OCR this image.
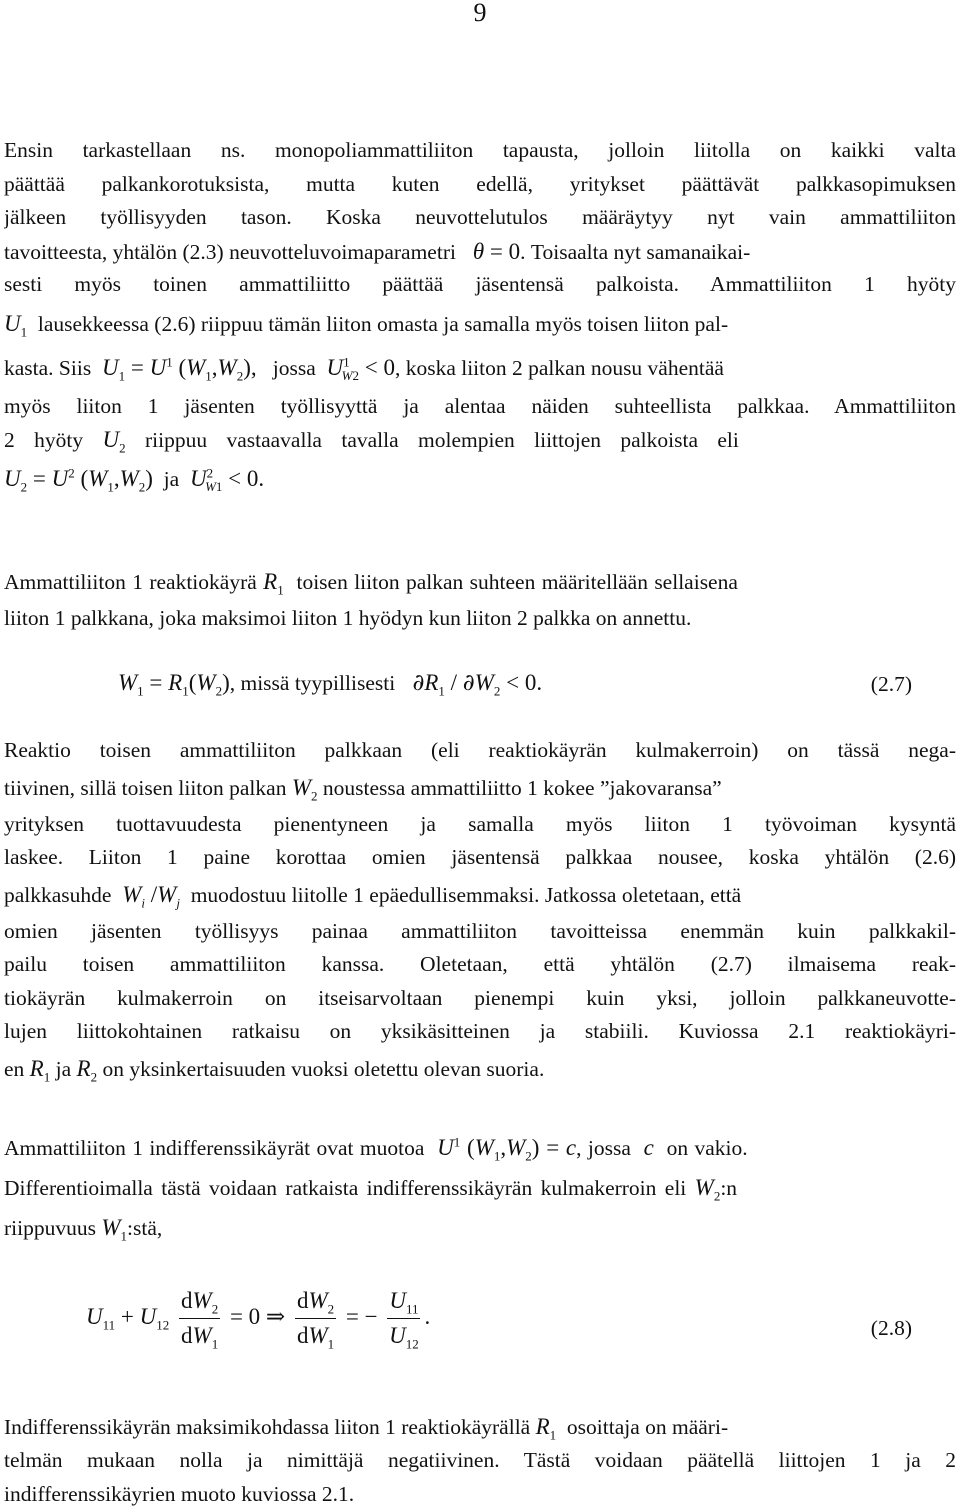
9
Ensin tarkastellaan ns. monopoliammattiliiton tapausta, jolloin liitolla on kaikki valta
päättää palkankorotuksista, mutta kuten edellä, yritykset päättävät palkkasopimuksen
jälkeen työllisyyden tason. Koska neuvottelutulos määräytyy nyt vain ammattiliiton
tavoitteesta, yhtälön (2.3) neuvotteluvoimaparametri   θ = 0. Toisaalta nyt samanaikai-
sesti myös toinen ammattiliitto päättää jäsentensä palkoista. Ammattiliiton 1 hyöty
$U_1$ lausekkeessa (2.6) riippuu tämän liiton omasta ja samalla myös toisen liiton pal-
kasta. Siis $U_1 = U^1$ $(W_1,W_2)$, jossa $U^1_{W2} < 0$, koska liiton 2 palkan nousu vähentää
myös liiton 1 jäsenten työllisyyttä ja alentaa näiden suhteellista palkkaa. Ammattiliiton
2 hyöty $U_2$ riippuu vastaavalla tavalla molempien liittojen palkoista eli
$U_2 = U^2$ $(W_1,W_2)$ ja $U^2_{W1} < 0$.
Ammattiliiton 1 reaktiokäyrä $R_1$ toisen liiton palkan suhteen määritellään sellaisena
liiton 1 palkkana, joka maksimoi liiton 1 hyödyn kun liiton 2 palkka on annettu.
$W_1 = R_1(W_2)$, missä tyypillisesti $\partial R_1 / \partial W_2 < 0$.	(2.7)
Reaktio toisen ammattiliiton palkkaan (eli reaktiokäyrän kulmakerroin) on tässä nega-
tiivinen, sillä toisen liiton palkan $W_2$ noustessa ammattiliitto 1 kokee ”jakovaransa”
yrityksen tuottavuudesta pienentyneen ja samalla myös liiton 1 työvoiman kysyntä
laskee. Liiton 1 paine korottaa omien jäsentensä palkkaa nousee, koska yhtälön (2.6)
palkkasuhde $W_i$ $/W_j$ muodostuu liitolle 1 epäedullisemmaksi. Jatkossa oletetaan, että
omien jäsenten työllisyys painaa ammattiliiton tavoitteissa enemmän kuin palkkakil-
pailu toisen ammattiliiton kanssa. Oletetaan, että yhtälön (2.7) ilmaisema reak-
tiokäyrän kulmakerroin on itseisarvoltaan pienempi kuin yksi, jolloin palkkaneuvotte-
lujen liittokohtainen ratkaisu on yksikäsitteinen ja stabiili. Kuviossa 2.1 reaktiokäyri-
en $R_1$ ja $R_2$ on yksinkertaisuuden vuoksi oletettu olevan suoria.
Ammattiliiton 1 indifferenssikäyrät ovat muotoa $U^1$ $(W_1,W_2) = c$, jossa c on vakio.
Differentioimalla tästä voidaan ratkaista indifferenssikäyrän kulmakerroin eli $W_2:n$
riippuvuus $W_1:stä$,
$U_{11} + U_{12} \frac{dW_2}{dW_1} = 0$ ⇒ $\frac{dW_2}{dW_1}$ = − $\frac{U_{11}}{U_{12}}$ .	(2.8)
Indifferenssikäyrän maksimikohdassa liiton 1 reaktiokäyrällä $R_1$ osoittaja on määri-
telmän mukaan nolla ja nimittäjä negatiivinen. Tästä voidaan päätellä liittojen 1 ja 2
indifferenssikäyrien muoto kuviossa 2.1.
